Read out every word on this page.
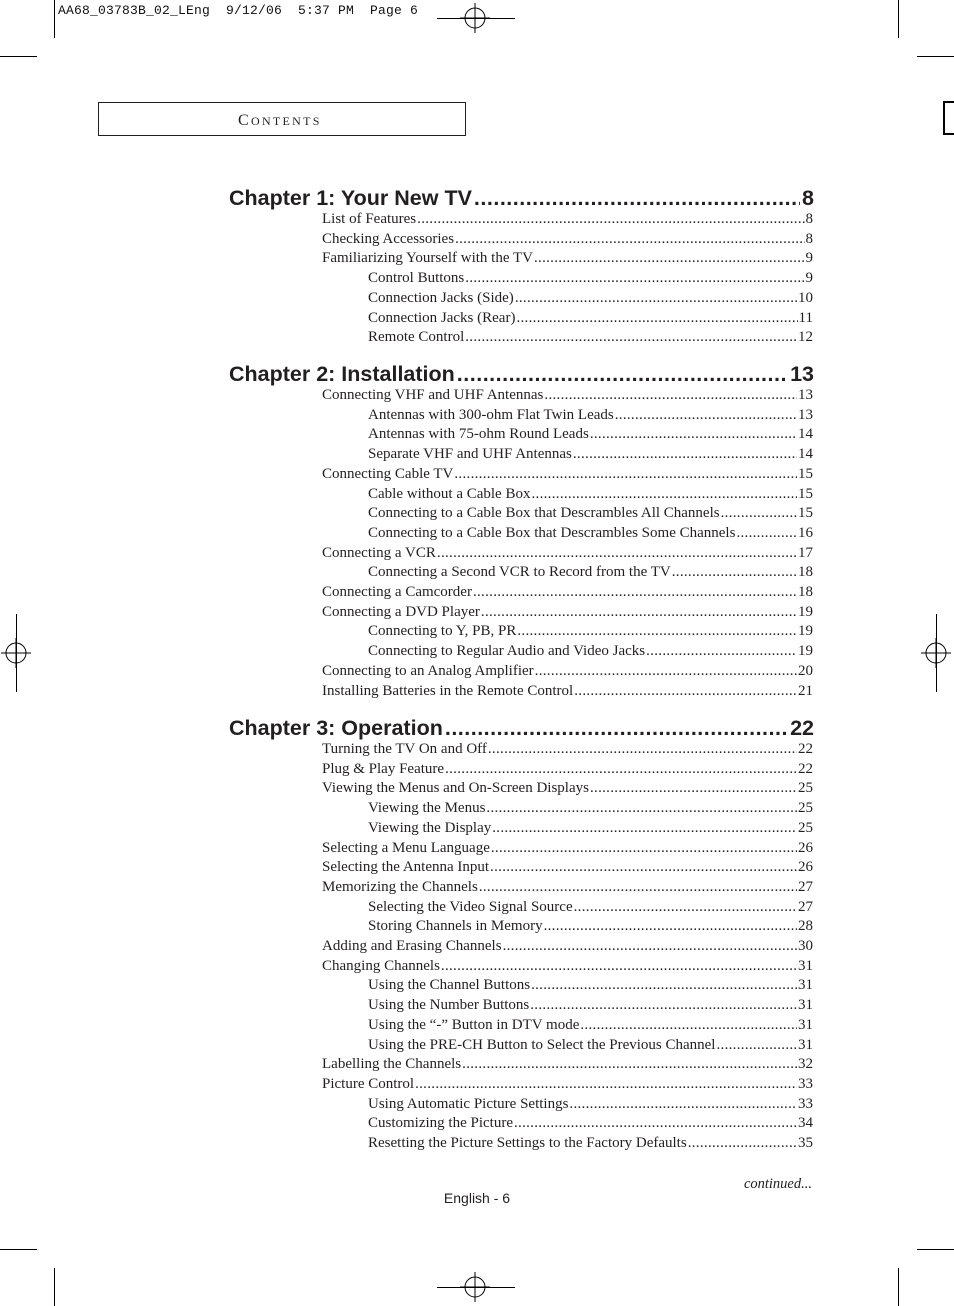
AA68_03783B_02_LEng  9/12/06  5:37 PM  Page 6
CONTENTS
Chapter 1: Your New TV .....	8
List of Features .....	8
Checking Accessories .....	8
Familiarizing Yourself with the TV .....	9
Control Buttons .....	9
Connection Jacks (Side) .....	10
Connection Jacks (Rear) .....	11
Remote Control .....	12
Chapter 2: Installation .....	13
Connecting VHF and UHF Antennas .....	13
Antennas with 300-ohm Flat Twin Leads .....	13
Antennas with 75-ohm Round Leads .....	14
Separate VHF and UHF Antennas .....	14
Connecting Cable TV .....	15
Cable without a Cable Box .....	15
Connecting to a Cable Box that Descrambles All Channels .....	15
Connecting to a Cable Box that Descrambles Some Channels .....	16
Connecting a VCR .....	17
Connecting a Second VCR to Record from the TV .....	18
Connecting a Camcorder .....	18
Connecting a DVD Player .....	19
Connecting to Y, PB, PR .....	19
Connecting to Regular Audio and Video Jacks .....	19
Connecting to an Analog Amplifier .....	20
Installing Batteries in the Remote Control .....	21
Chapter 3: Operation .....	22
Turning the TV On and Off .....	22
Plug & Play Feature .....	22
Viewing the Menus and On-Screen Displays .....	25
Viewing the Menus .....	25
Viewing the Display .....	25
Selecting a Menu Language .....	26
Selecting the Antenna Input .....	26
Memorizing the Channels .....	27
Selecting the Video Signal Source .....	27
Storing Channels in Memory .....	28
Adding and Erasing Channels .....	30
Changing Channels .....	31
Using the Channel Buttons .....	31
Using the Number Buttons .....	31
Using the “-” Button in DTV mode .....	31
Using the PRE-CH Button to Select the Previous Channel .....	31
Labelling the Channels .....	32
Picture Control .....	33
Using Automatic Picture Settings .....	33
Customizing the Picture .....	34
Resetting the Picture Settings to the Factory Defaults .....	35
continued...
English - 6
